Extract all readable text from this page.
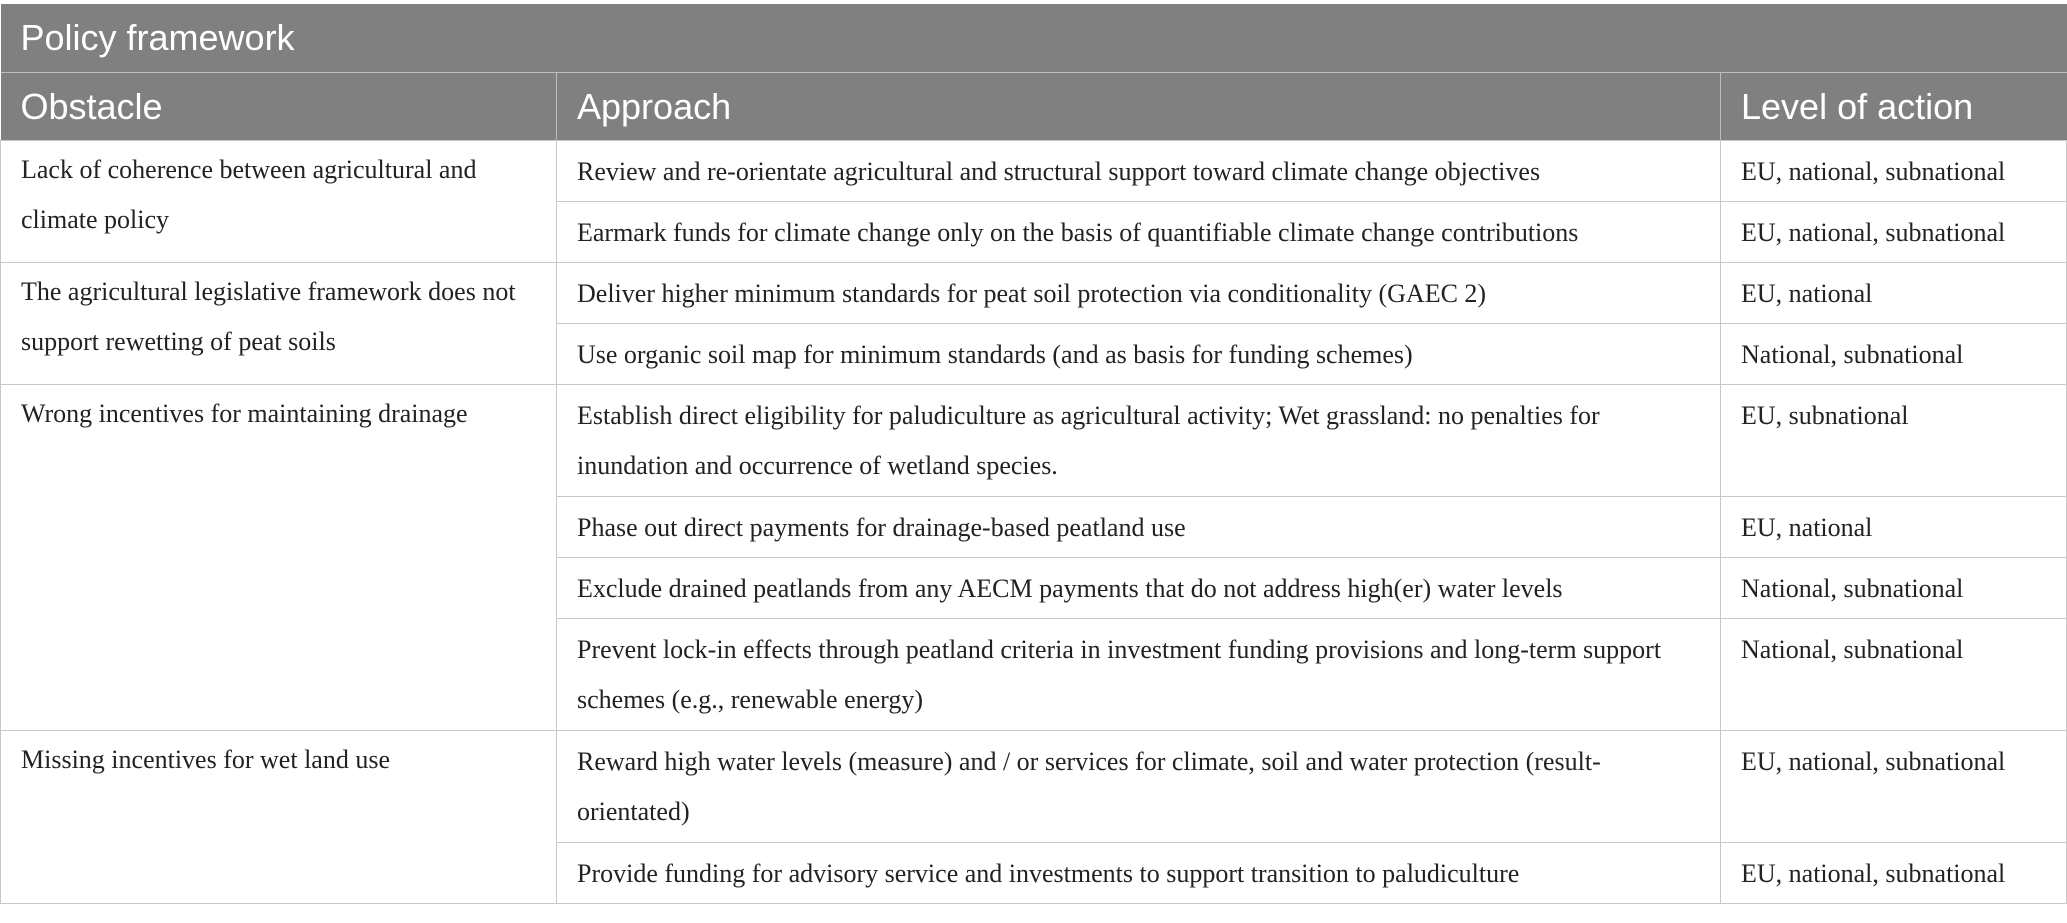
Policy framework		
Obstacle	Approach	Level of action
Lack of coherence between agricultural and climate policy	Review and re-orientate agricultural and structural support toward climate change objectives	EU, national, subnational
	Earmark funds for climate change only on the basis of quantifiable climate change contributions	EU, national, subnational
The agricultural legislative framework does not support rewetting of peat soils	Deliver higher minimum standards for peat soil protection via conditionality (GAEC 2)	EU, national
	Use organic soil map for minimum standards (and as basis for funding schemes)	National, subnational
Wrong incentives for maintaining drainage	Establish direct eligibility for paludiculture as agricultural activity; Wet grassland: no penalties for inundation and occurrence of wetland species.	EU, subnational
	Phase out direct payments for drainage-based peatland use	EU, national
	Exclude drained peatlands from any AECM payments that do not address high(er) water levels	National, subnational
	Prevent lock-in effects through peatland criteria in investment funding provisions and long-term support schemes (e.g., renewable energy)	National, subnational
Missing incentives for wet land use	Reward high water levels (measure) and / or services for climate, soil and water protection (result-orientated)	EU, national, subnational
	Provide funding for advisory service and investments to support transition to paludiculture	EU, national, subnational
